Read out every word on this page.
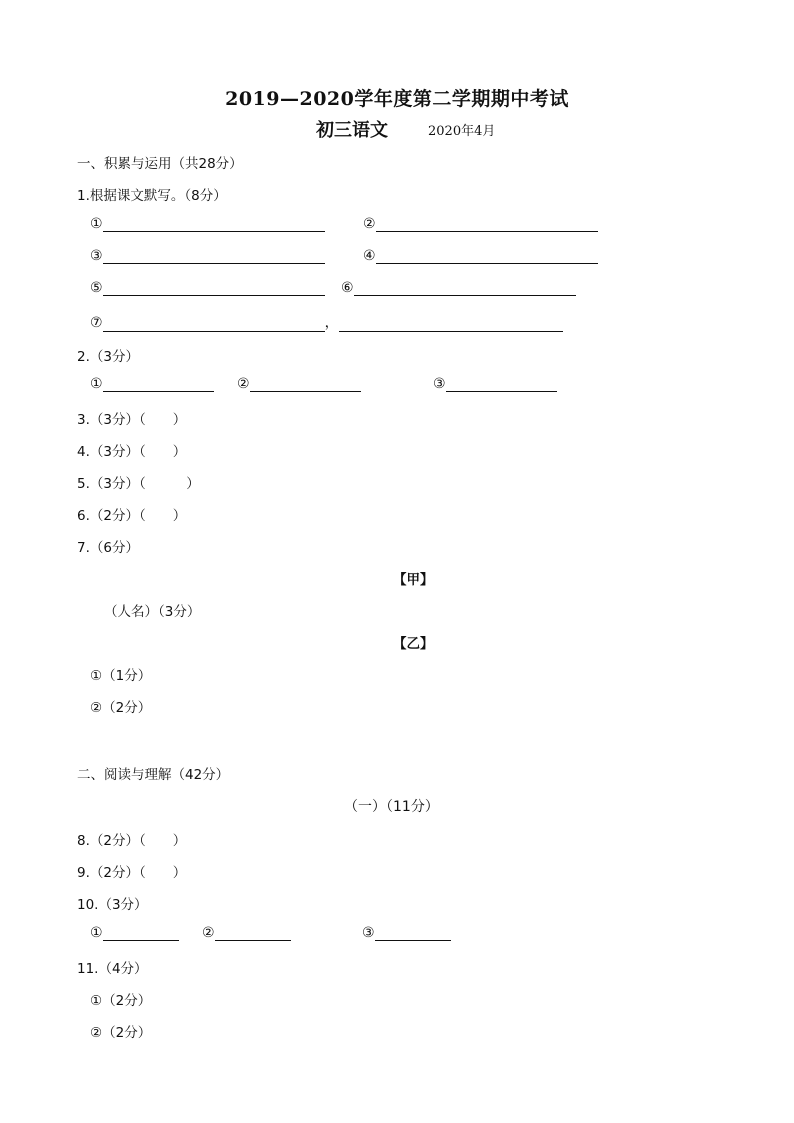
2019—2020学年度第二学期期中考试
初三语文	2020年4月
一、积累与运用（共28分）
1.根据课文默写。（8分）
①	②
③	④
⑤	⑥
⑦	，
2.（3分）
①	②	③
3.（3分）（　　）
4.（3分）（　　）
5.（3分）（　　　）
6.（2分）（　　）
7.（6分）
【甲】
（人名）（3分）
【乙】
①（1分）
②（2分）
二、阅读与理解（42分）
（一）（11分）
8.（2分）（　　）
9.（2分）（　　）
10.（3分）
①	②	③
11.（4分）
①（2分）
②（2分）
